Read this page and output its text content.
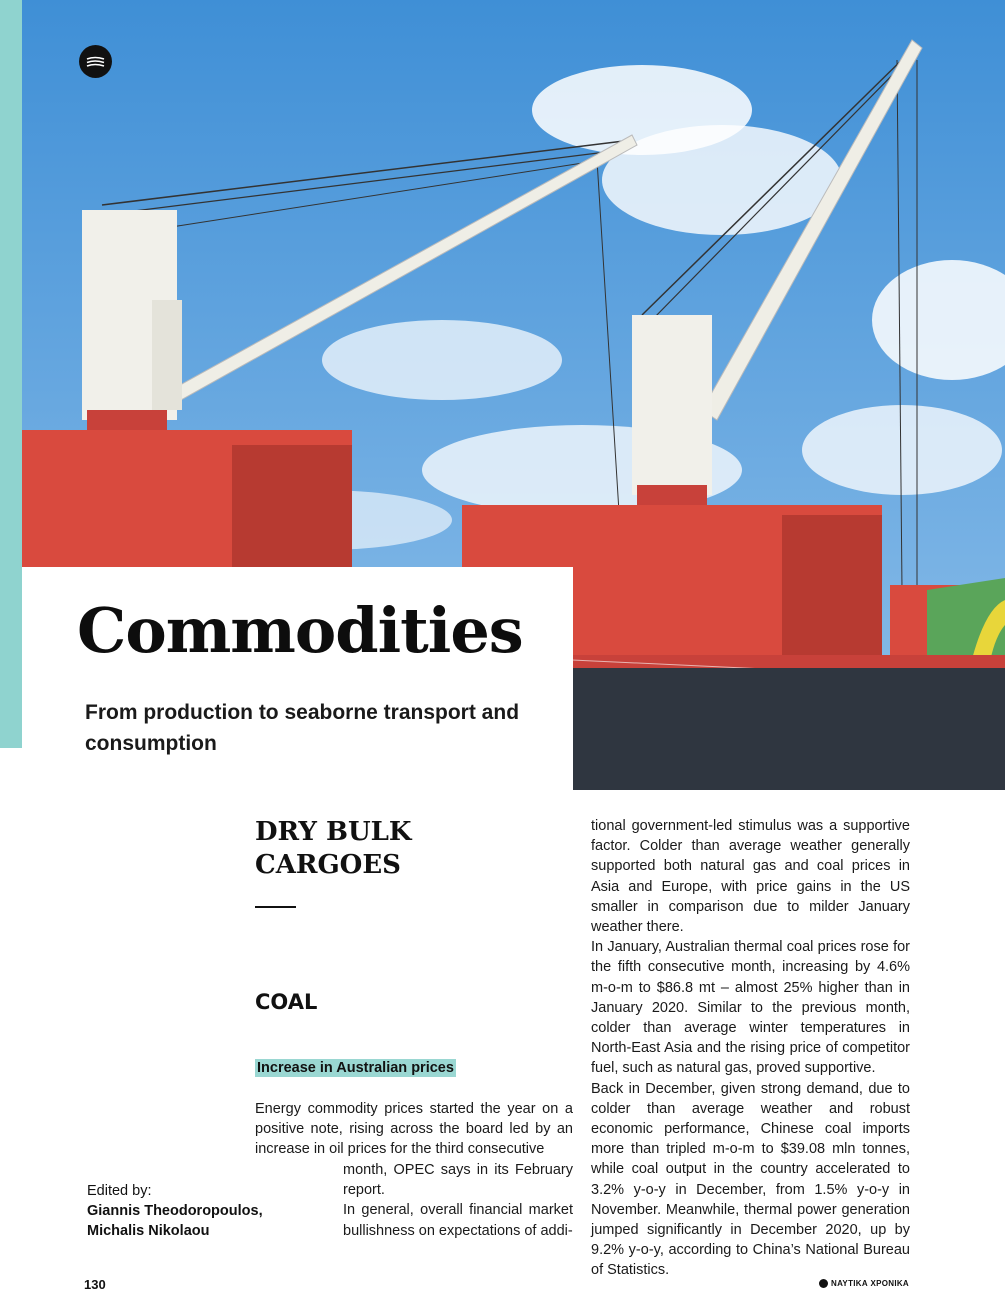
Commodities

From production to seaborne transport and consumption

DRY BULK CARGOES
COAL
Increase in Australian prices

Energy commodity prices started the year on a positive note, rising across the board led by an increase in oil prices for the third consecutive

Edited by:
Giannis Theodoropoulos,
Michalis Nikolaou

month, OPEC says in its February report.

In general, overall financial market bullishness on expectations of addi-

tional government-led stimulus was a supportive factor. Colder than average weather generally supported both natural gas and coal prices in Asia and Europe, with price gains in the US smaller in comparison due to milder January weather there.

In January, Australian thermal coal prices rose for the fifth consecutive month, increasing by 4.6% m-o-m to $86.8 mt – almost 25% higher than in January 2020. Similar to the previous month, colder than average winter temperatures in North-East Asia and the rising price of competitor fuel, such as natural gas, proved supportive.

Back in December, given strong demand, due to colder than average weather and robust economic performance, Chinese coal imports more than tripled m-o-m to $39.08 mln tonnes, while coal output in the country accelerated to 3.2% y-o-y in December, from 1.5% y-o-y in November. Meanwhile, thermal power generation jumped significantly in December 2020, up by 9.2% y-o-y, according to China’s National Bureau of Statistics.

130	ΝΑΥΤΙΚΑ ΧΡΟΝΙΚΑ
